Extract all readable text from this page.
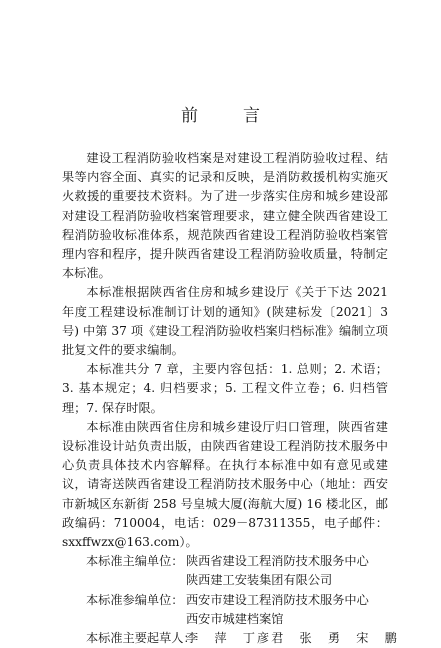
前　言

建设工程消防验收档案是对建设工程消防验收过程、结果等内容全面、真实的记录和反映，是消防救援机构实施灭火救援的重要技术资料。为了进一步落实住房和城乡建设部对建设工程消防验收档案管理要求，建立健全陕西省建设工程消防验收标准体系，规范陕西省建设工程消防验收档案管理内容和程序，提升陕西省建设工程消防验收质量，特制定本标准。

本标准根据陕西省住房和城乡建设厅《关于下达 2021 年度工程建设标准制订计划的通知》(陕建标发〔2021〕3 号) 中第 37 项《建设工程消防验收档案归档标准》编制立项批复文件的要求编制。

本标准共分 7 章，主要内容包括：1. 总则；2. 术语；3. 基本规定；4. 归档要求；5. 工程文件立卷；6. 归档管理；7. 保存时限。

本标准由陕西省住房和城乡建设厅归口管理，陕西省建设标准设计站负责出版，由陕西省建设工程消防技术服务中心负责具体技术内容解释。在执行本标准中如有意见或建议，请寄送陕西省建设工程消防技术服务中心（地址：西安市新城区东新街 258 号皇城大厦(海航大厦) 16 楼北区，邮政编码：710004，电话：029－87311355，电子邮件：sxxffwzx@163.com）。

本标准主编单位： 陕西省建设工程消防技术服务中心
陕西建工安装集团有限公司
本标准参编单位： 西安市建设工程消防技术服务中心
西安市城建档案馆
本标准主要起草人：
李　萍　丁彦君　张　勇　宋　鹏
